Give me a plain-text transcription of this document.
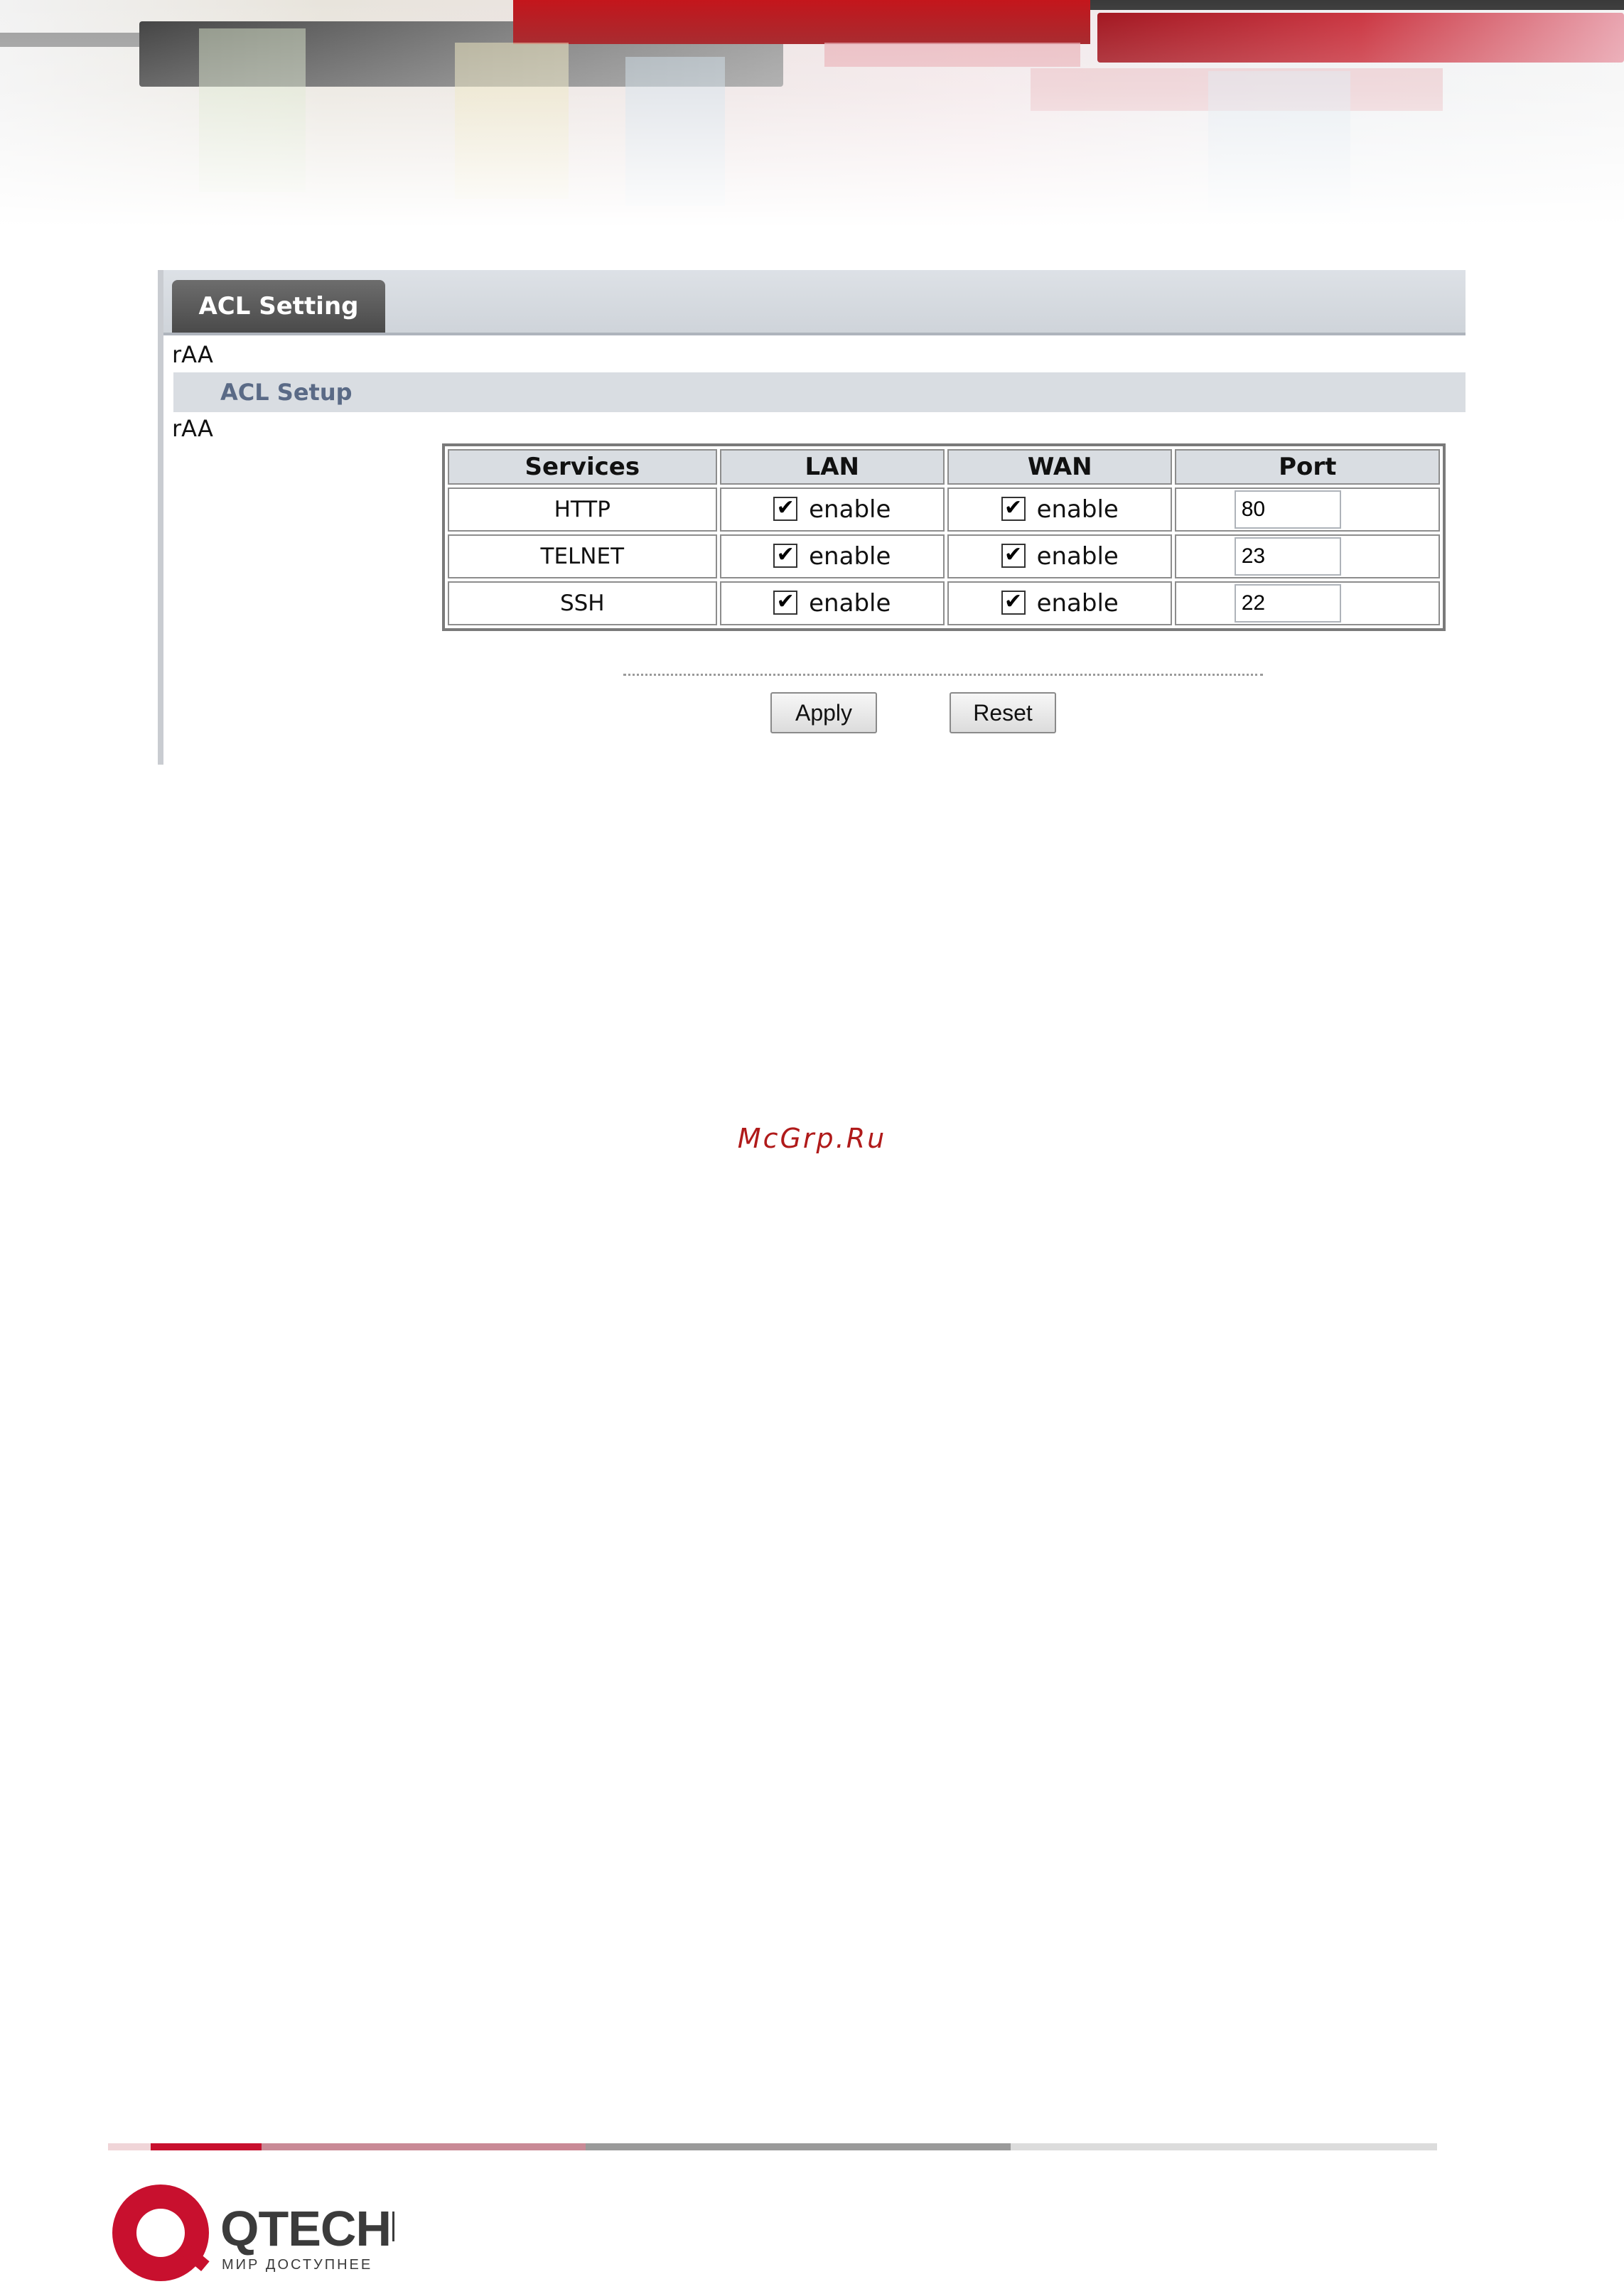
ACL Setting
rAA
ACL Setup
rAA
Services	LAN	WAN	Port
HTTP	✔ enable	✔ enable	80
TELNET	✔ enable	✔ enable	23
SSH	✔ enable	✔ enable	22
Apply	Reset
McGrp.Ru
QTECH
МИР ДОСТУПНЕЕ
